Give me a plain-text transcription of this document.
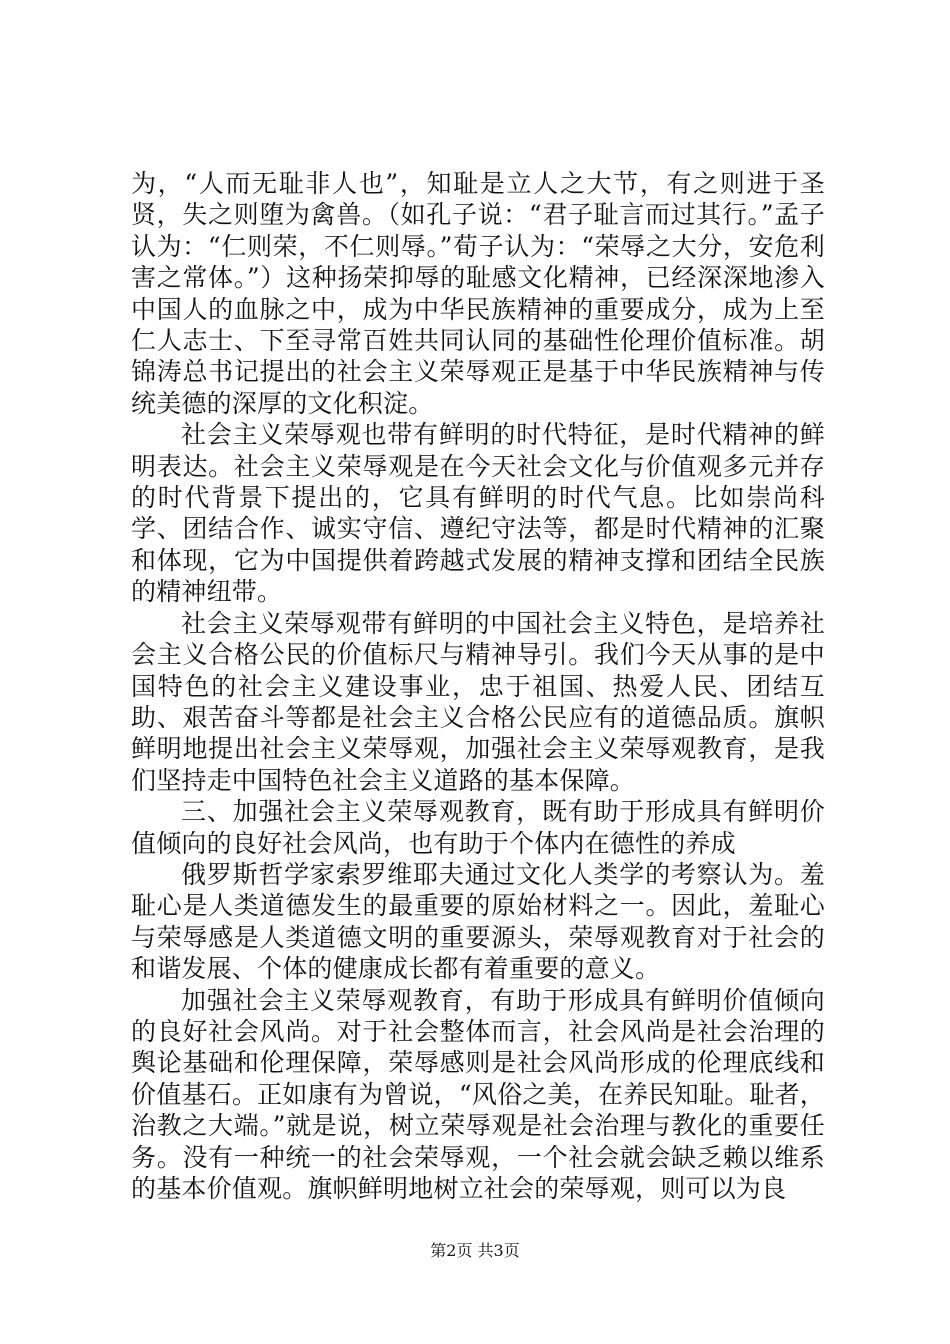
为，“人而无耻非人也”，知耻是立人之大节，有之则进于圣贤，失之则堕为禽兽。（如孔子说：“君子耻言而过其行。”孟子认为：“仁则荣，不仁则辱。”荀子认为：“荣辱之大分，安危利害之常体。”）这种扬荣抑辱的耻感文化精神，已经深深地渗入中国人的血脉之中，成为中华民族精神的重要成分，成为上至仁人志士、下至寻常百姓共同认同的基础性伦理价值标准。胡锦涛总书记提出的社会主义荣辱观正是基于中华民族精神与传统美德的深厚的文化积淀。

社会主义荣辱观也带有鲜明的时代特征，是时代精神的鲜明表达。社会主义荣辱观是在今天社会文化与价值观多元并存的时代背景下提出的，它具有鲜明的时代气息。比如崇尚科学、团结合作、诚实守信、遵纪守法等，都是时代精神的汇聚和体现，它为中国提供着跨越式发展的精神支撑和团结全民族的精神纽带。

社会主义荣辱观带有鲜明的中国社会主义特色，是培养社会主义合格公民的价值标尺与精神导引。我们今天从事的是中国特色的社会主义建设事业，忠于祖国、热爱人民、团结互助、艰苦奋斗等都是社会主义合格公民应有的道德品质。旗帜鲜明地提出社会主义荣辱观，加强社会主义荣辱观教育，是我们坚持走中国特色社会主义道路的基本保障。

三、加强社会主义荣辱观教育，既有助于形成具有鲜明价值倾向的良好社会风尚，也有助于个体内在德性的养成

俄罗斯哲学家索罗维耶夫通过文化人类学的考察认为。羞耻心是人类道德发生的最重要的原始材料之一。因此，羞耻心与荣辱感是人类道德文明的重要源头，荣辱观教育对于社会的和谐发展、个体的健康成长都有着重要的意义。

加强社会主义荣辱观教育，有助于形成具有鲜明价值倾向的良好社会风尚。对于社会整体而言，社会风尚是社会治理的舆论基础和伦理保障，荣辱感则是社会风尚形成的伦理底线和价值基石。正如康有为曾说，“风俗之美，在养民知耻。耻者，治教之大端。”就是说，树立荣辱观是社会治理与教化的重要任务。没有一种统一的社会荣辱观，一个社会就会缺乏赖以维系的基本价值观。旗帜鲜明地树立社会的荣辱观，则可以为良

第2页 共3页
